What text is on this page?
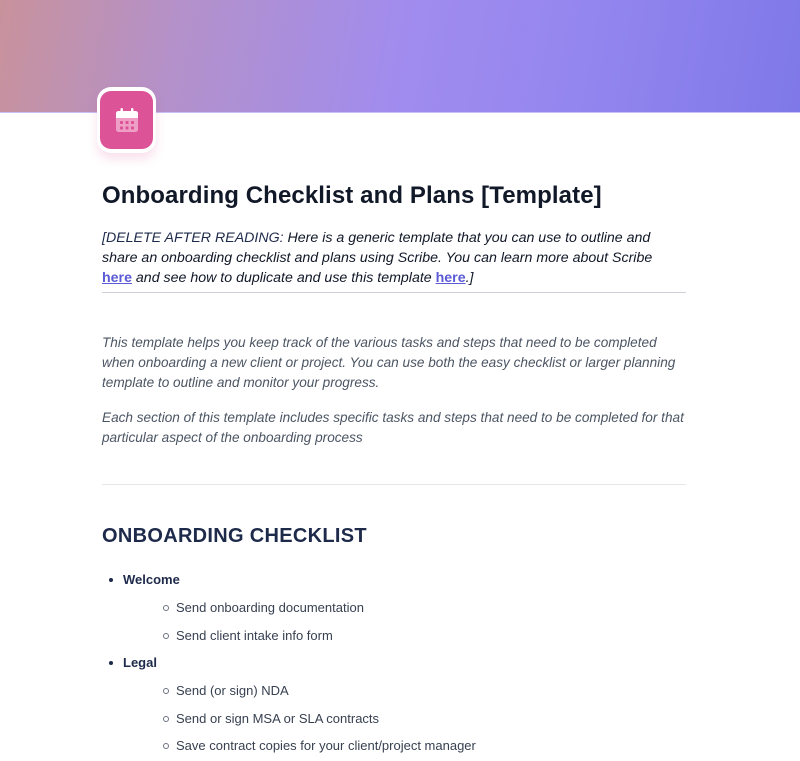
Onboarding Checklist and Plans [Template]
[DELETE AFTER READING: Here is a generic template that you can use to outline and share an onboarding checklist and plans using Scribe. You can learn more about Scribe here and see how to duplicate and use this template here.]

This template helps you keep track of the various tasks and steps that need to be completed when onboarding a new client or project. You can use both the easy checklist or larger planning template to outline and monitor your progress.

Each section of this template includes specific tasks and steps that need to be completed for that particular aspect of the onboarding process

ONBOARDING CHECKLIST
Welcome
Send onboarding documentation
Send client intake info form
Legal
Send (or sign) NDA
Send or sign MSA or SLA contracts
Save contract copies for your client/project manager
